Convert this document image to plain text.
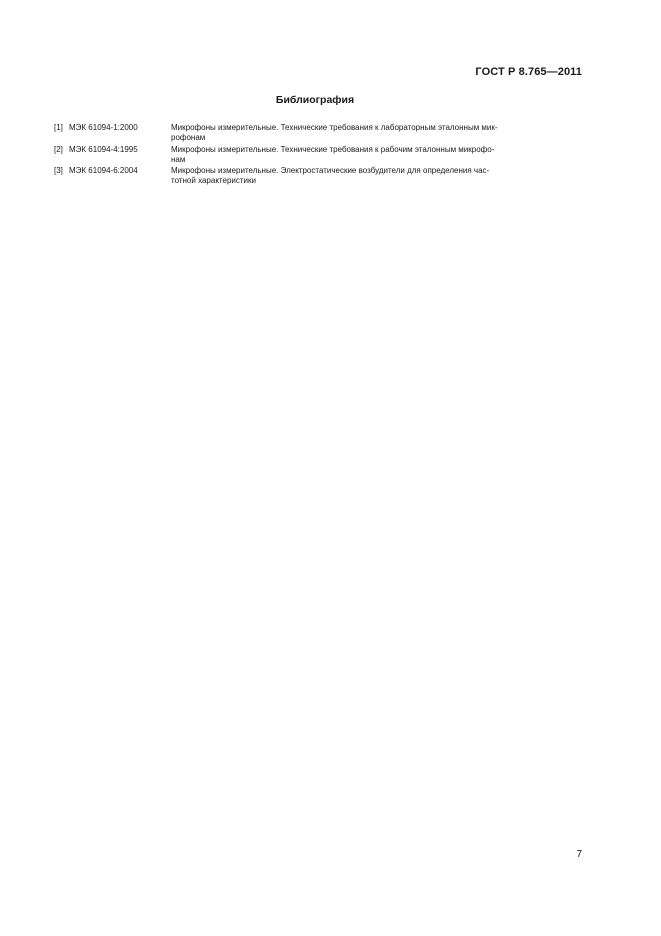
ГОСТ Р 8.765—2011
Библиография
[1] МЭК 61094-1:2000	Микрофоны измерительные. Технические требования к лабораторным эталонным мик-
рофонам
[2] МЭК 61094-4:1995	Микрофоны измерительные. Технические требования к рабочим эталонным микрофо-
нам
[3] МЭК 61094-6:2004	Микрофоны измерительные. Электростатические возбудители для определения час-
тотной характеристики
7
